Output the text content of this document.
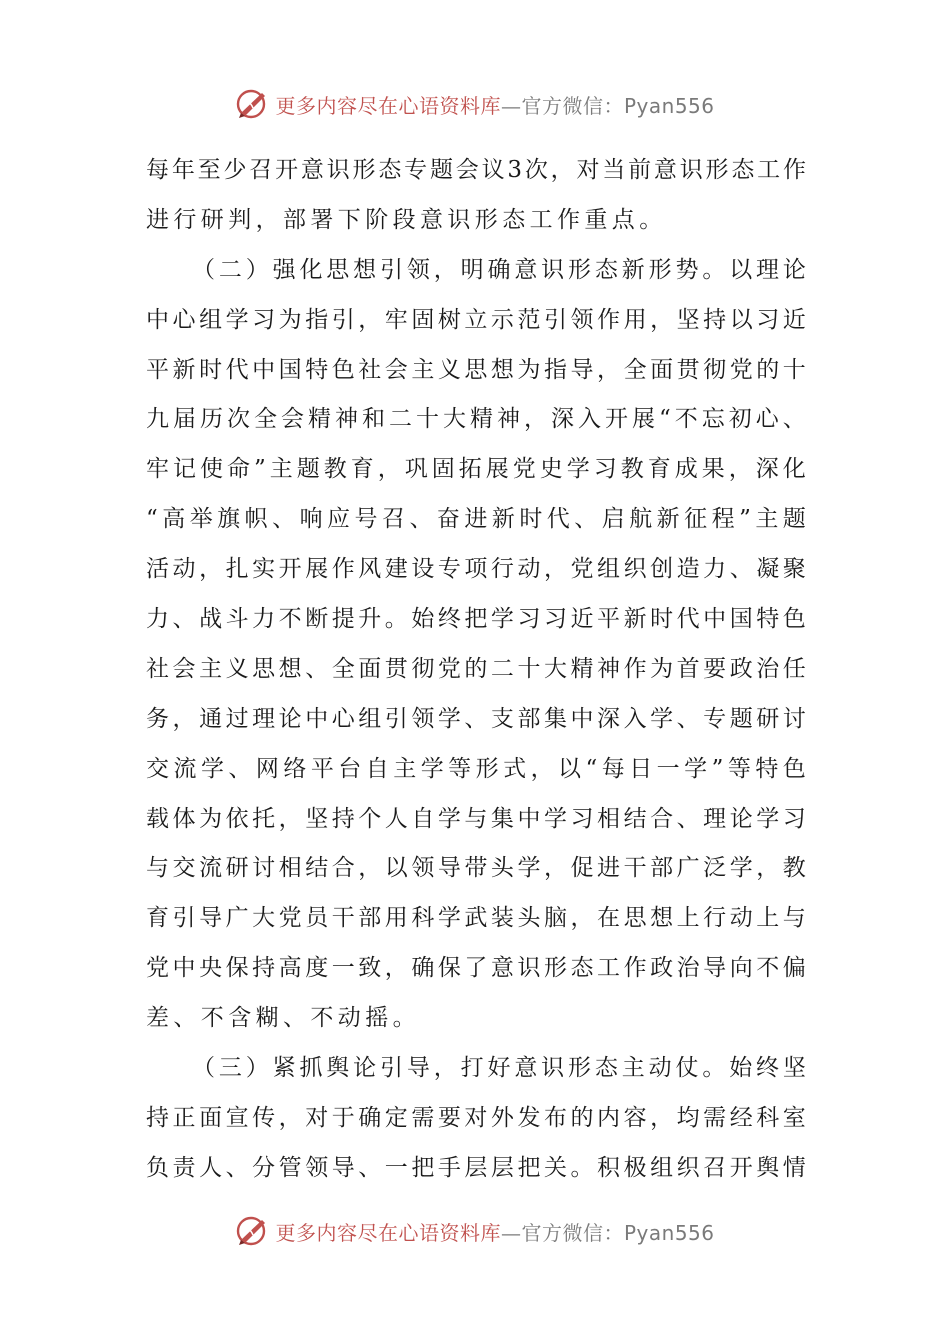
更多内容尽在心语资料库—官方微信：Pyan556
每 年 至 少 召 开 意 识 形 态 专 题 会 议 3 次 ， 对 当 前 意 识 形 态 工 作
进行研判，部署下阶段意识形态工作重点。
（ 二 ） 强 化 思 想 引 领 ， 明 确 意 识 形 态 新 形 势 。 以 理 论
中 心 组 学 习 为 指 引 ， 牢 固 树 立 示 范 引 领 作 用 ， 坚 持 以 习 近
平 新 时 代 中 国 特 色 社 会 主 义 思 想 为 指 导 ， 全 面 贯 彻 党 的 十
九 届 历 次 全 会 精 神 和 二 十 大 精 神 ， 深 入 开 展 “ 不 忘 初 心 、
牢 记 使 命 ” 主 题 教 育 ， 巩 固 拓 展 党 史 学 习 教 育 成 果 ， 深 化
“ 高 举 旗 帜 、 响 应 号 召 、 奋 进 新 时 代 、 启 航 新 征 程 ” 主 题
活 动 ， 扎 实 开 展 作 风 建 设 专 项 行 动 ， 党 组 织 创 造 力 、 凝 聚
力 、 战 斗 力 不 断 提 升 。 始 终 把 学 习 习 近 平 新 时 代 中 国 特 色
社 会 主 义 思 想 、 全 面 贯 彻 党 的 二 十 大 精 神 作 为 首 要 政 治 任
务 ， 通 过 理 论 中 心 组 引 领 学 、 支 部 集 中 深 入 学 、 专 题 研 讨
交 流 学 、 网 络 平 台 自 主 学 等 形 式 ， 以 “ 每 日 一 学 ” 等 特 色
载 体 为 依 托 ， 坚 持 个 人 自 学 与 集 中 学 习 相 结 合 、 理 论 学 习
与 交 流 研 讨 相 结 合 ， 以 领 导 带 头 学 ， 促 进 干 部 广 泛 学 ， 教
育 引 导 广 大 党 员 干 部 用 科 学 武 装 头 脑 ， 在 思 想 上 行 动 上 与
党 中 央 保 持 高 度 一 致 ， 确 保 了 意 识 形 态 工 作 政 治 导 向 不 偏
差、不含糊、不动摇。
（ 三 ） 紧 抓 舆 论 引 导 ， 打 好 意 识 形 态 主 动 仗 。 始 终 坚
持 正 面 宣 传 ， 对 于 确 定 需 要 对 外 发 布 的 内 容 ， 均 需 经 科 室
负 责 人 、 分 管 领 导 、 一 把 手 层 层 把 关 。 积 极 组 织 召 开 舆 情
更多内容尽在心语资料库—官方微信：Pyan556
